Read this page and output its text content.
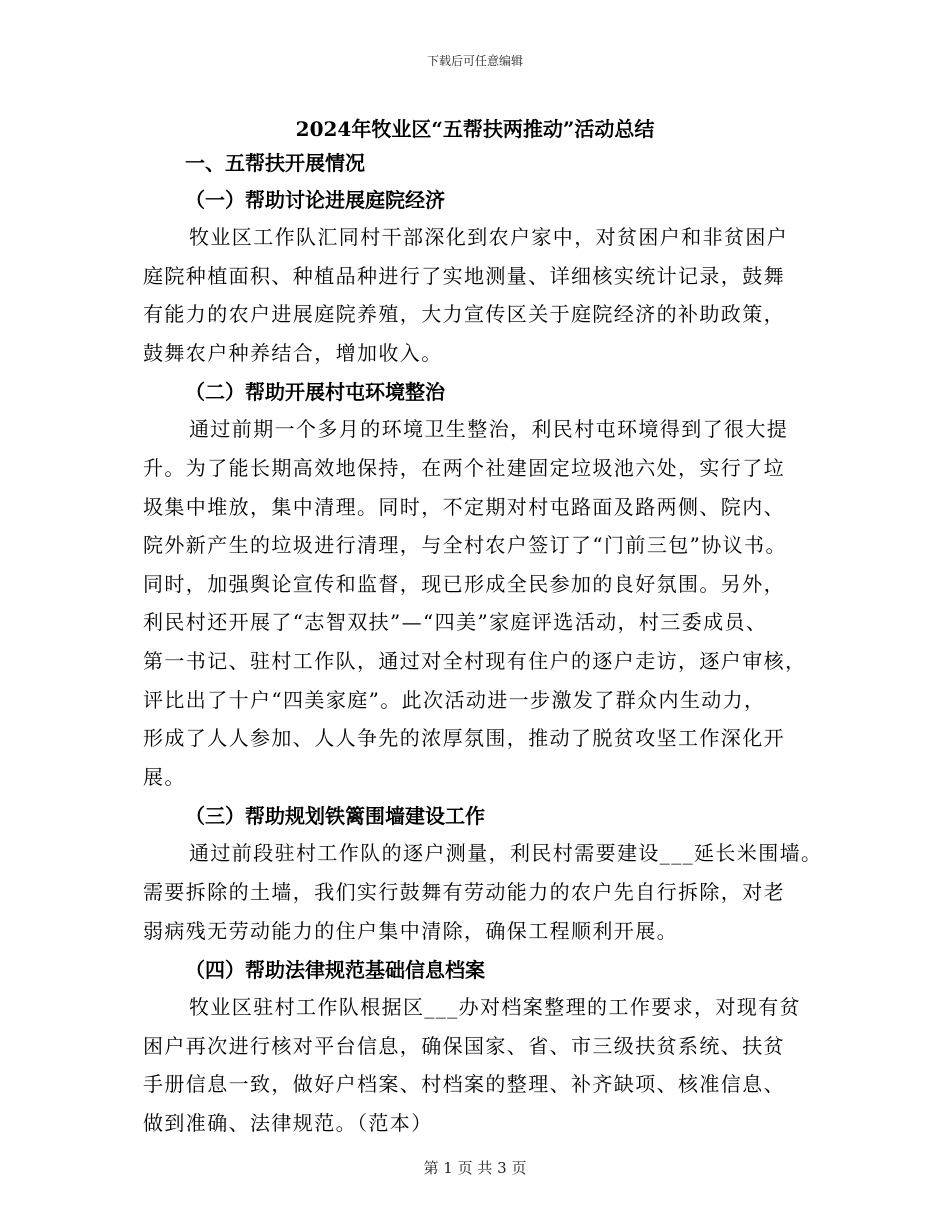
下载后可任意编辑
2024年牧业区“五帮扶两推动”活动总结
一、五帮扶开展情况
（一）帮助讨论进展庭院经济
牧业区工作队汇同村干部深化到农户家中，对贫困户和非贫困户
庭院种植面积、种植品种进行了实地测量、详细核实统计记录，鼓舞
有能力的农户进展庭院养殖，大力宣传区关于庭院经济的补助政策，
鼓舞农户种养结合，增加收入。
（二）帮助开展村屯环境整治
通过前期一个多月的环境卫生整治，利民村屯环境得到了很大提
升。为了能长期高效地保持，在两个社建固定垃圾池六处，实行了垃
圾集中堆放，集中清理。同时，不定期对村屯路面及路两侧、院内、
院外新产生的垃圾进行清理，与全村农户签订了“门前三包”协议书。
同时，加强舆论宣传和监督，现已形成全民参加的良好氛围。另外，
利民村还开展了“志智双扶”—“四美”家庭评选活动，村三委成员、
第一书记、驻村工作队，通过对全村现有住户的逐户走访，逐户审核，
评比出了十户“四美家庭”。此次活动进一步激发了群众内生动力，
形成了人人参加、人人争先的浓厚氛围，推动了脱贫攻坚工作深化开
展。
（三）帮助规划铁篱围墙建设工作
通过前段驻村工作队的逐户测量，利民村需要建设___延长米围墙。
需要拆除的土墙，我们实行鼓舞有劳动能力的农户先自行拆除，对老
弱病残无劳动能力的住户集中清除，确保工程顺利开展。
（四）帮助法律规范基础信息档案
牧业区驻村工作队根据区___办对档案整理的工作要求，对现有贫
困户再次进行核对平台信息，确保国家、省、市三级扶贫系统、扶贫
手册信息一致，做好户档案、村档案的整理、补齐缺项、核准信息、
做到准确、法律规范。（范本）
第 1 页 共 3 页
